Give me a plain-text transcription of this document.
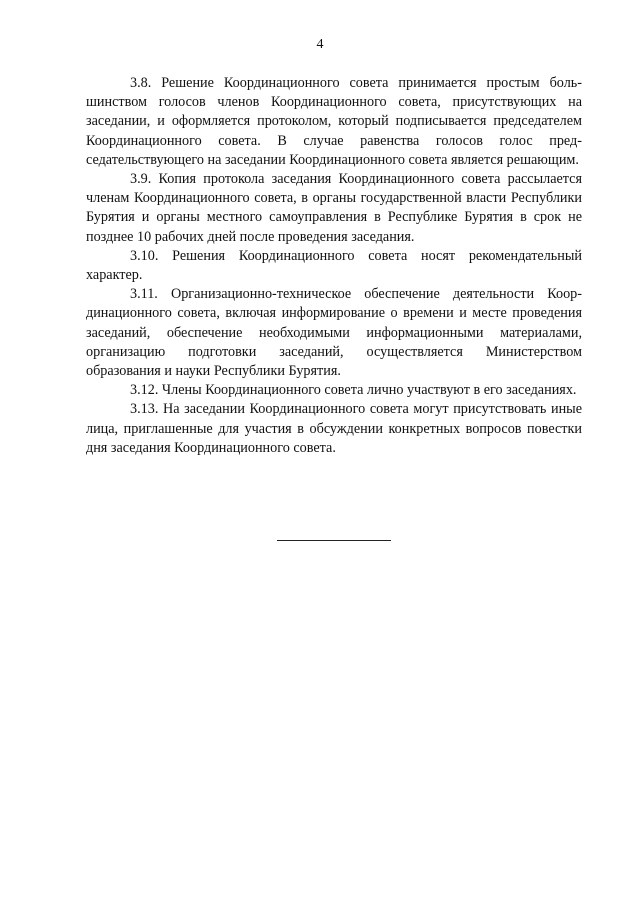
4

3.8. Решение Координационного совета принимается простым большинством голосов членов Координационного совета, присутствующих на заседании, и оформляется протоколом, который подписывается председателем Координационного совета. В случае равенства голосов голос председательствующего на заседании Координационного совета является решающим.

3.9. Копия протокола заседания Координационного совета рассылается членам Координационного совета, в органы государственной власти Республики Бурятия и органы местного самоуправления в Республике Бурятия в срок не позднее 10 рабочих дней после проведения заседания.

3.10. Решения Координационного совета носят рекомендательный характер.

3.11. Организационно-техническое обеспечение деятельности Координационного совета, включая информирование о времени и месте проведения заседаний, обеспечение необходимыми информационными материалами, организацию подготовки заседаний, осуществляется Министерством образования и науки Республики Бурятия.

3.12. Члены Координационного совета лично участвуют в его заседаниях.

3.13. На заседании Координационного совета могут присутствовать иные лица, приглашенные для участия в обсуждении конкретных вопросов повестки дня заседания Координационного совета.
